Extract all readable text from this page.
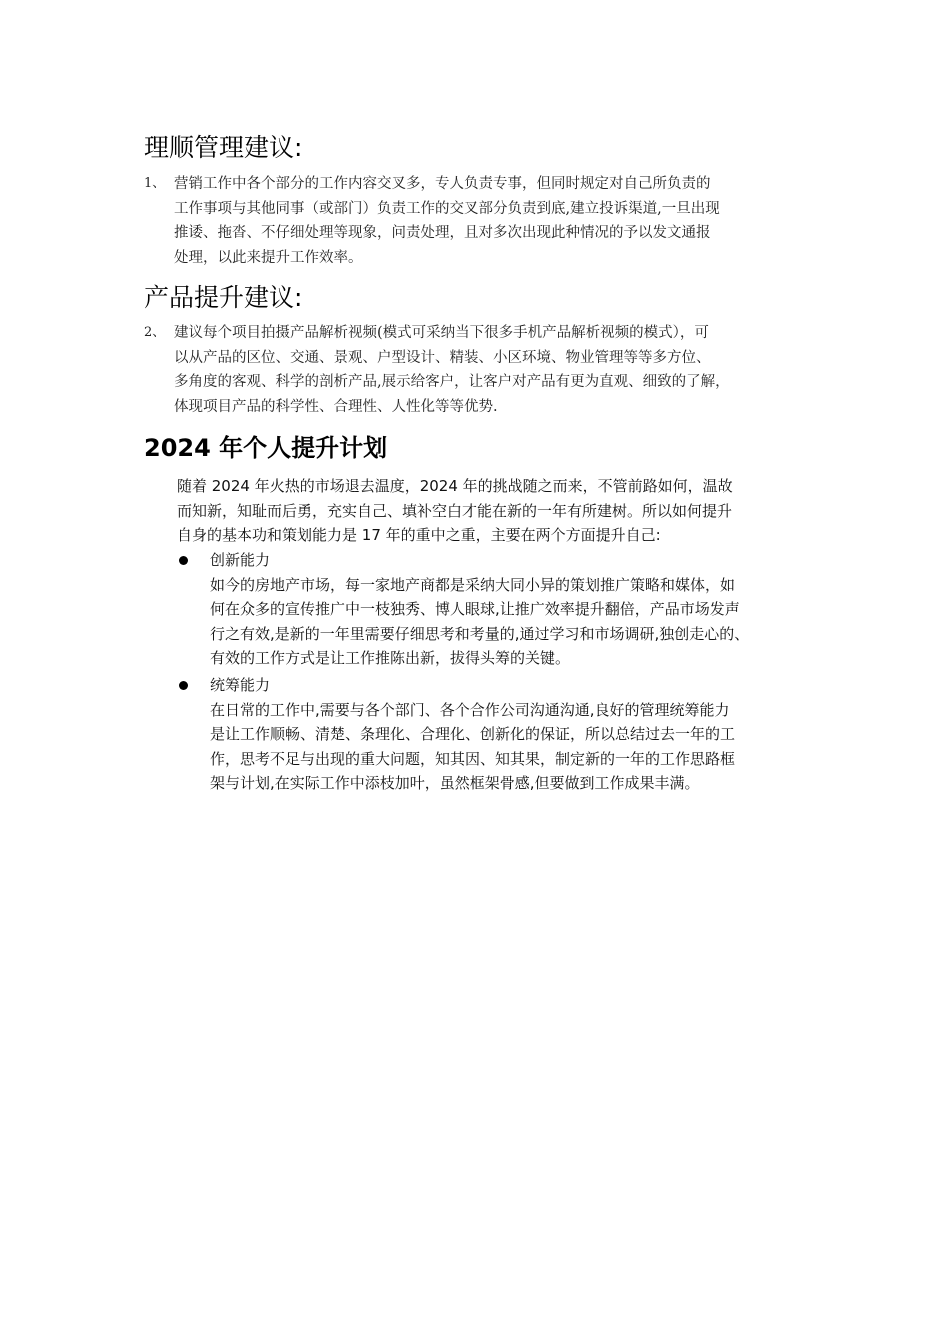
理顺管理建议:
1、 营销工作中各个部分的工作内容交叉多，专人负责专事，但同时规定对自己所负责的
工作事项与其他同事（或部门）负责工作的交叉部分负责到底,建立投诉渠道,一旦出现
推诿、拖沓、不仔细处理等现象，问责处理，且对多次出现此种情况的予以发文通报
处理，以此来提升工作效率。
产品提升建议:
2、 建议每个项目拍摄产品解析视频(模式可采纳当下很多手机产品解析视频的模式），可
以从产品的区位、交通、景观、户型设计、精装、小区环境、物业管理等等多方位、
多角度的客观、科学的剖析产品,展示给客户，让客户对产品有更为直观、细致的了解，
体现项目产品的科学性、合理性、人性化等等优势.
2024 年个人提升计划
随着 2024 年火热的市场退去温度，2024 年的挑战随之而来，不管前路如何，温故
而知新，知耻而后勇，充实自己、填补空白才能在新的一年有所建树。所以如何提升
自身的基本功和策划能力是 17 年的重中之重，主要在两个方面提升自己:
创新能力
如今的房地产市场，每一家地产商都是采纳大同小异的策划推广策略和媒体，如
何在众多的宣传推广中一枝独秀、博人眼球,让推广效率提升翻倍，产品市场发声
行之有效,是新的一年里需要仔细思考和考量的,通过学习和市场调研,独创走心的、
有效的工作方式是让工作推陈出新，拔得头筹的关键。
统筹能力
在日常的工作中,需要与各个部门、各个合作公司沟通沟通,良好的管理统筹能力
是让工作顺畅、清楚、条理化、合理化、创新化的保证，所以总结过去一年的工
作，思考不足与出现的重大问题，知其因、知其果，制定新的一年的工作思路框
架与计划,在实际工作中添枝加叶，虽然框架骨感,但要做到工作成果丰满。
